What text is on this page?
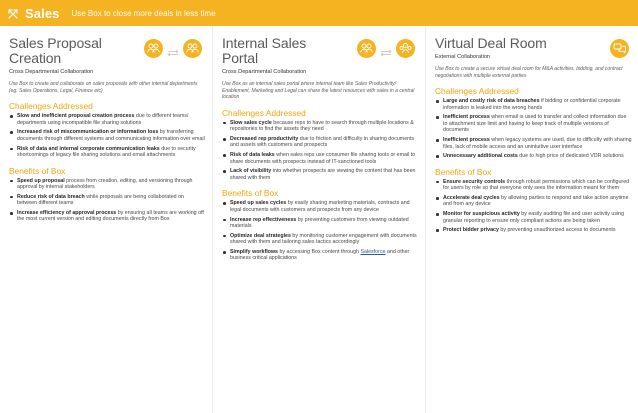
Sales Use Box to close more deals in less time
Sales Proposal
Creation
Cross Departmental Collaboration
Use Box to create and collaborate on sales proposals with other internal departments (eg. Sales Operations, Legal, Finance etc)
Challenges Addressed
Slow and inefficient proposal creation process due to different teams/ departments using incompatible file sharing solutions
Increased risk of miscommunication or information loss by transferring documents through different systems and communicating information over email
Risk of data and internal corporate communication leaks due to security shortcomings of legacy file sharing solutions and email attachments
Benefits of Box
Speed up proposal process from creation, editing, and versioning through approval by internal stakeholders
Reduce risk of data breach while proposals are being collaborated on between different teams
Increase efficiency of approval process by ensuring all teams are working off the most current version and editing documents directly from Box
Internal Sales
Portal
Cross Departmental Collaboration
Use Box as an internal sales portal where internal team like Sales Productivity/ Enablement, Marketing and Legal can share the latest resources with sales in a central location
Challenges Addressed
Slow sales cycle because reps to have to search through multiple locations & repositories to find the assets they need
Decreased rep productivity due to friction and difficulty in sharing documents and assets with customers and prospects
Risk of data leaks when sales reps use consumer file sharing tools or email to share documents with prospects instead of IT-sanctioned tools
Lack of visibility into whether prospects are viewing the content that has been shared with them
Benefits of Box
Speed up sales cycles by easily sharing marketing materials, contracts and legal documents with customers and prospects from any device
Increase rep effectiveness by preventing customers from viewing outdated materials
Optimize deal strategies by monitoring customer engagement with documents shared with them and tailoring sales tactics accordingly
Simplify workflows by accessing Box content through Salesforce and other business critical applications
Virtual Deal Room
External Collaboration
Use Box to create a secure virtual deal room for M&A activities, bidding, and contract negotiations with multiple external parties
Challenges Addressed
Large and costly risk of data breaches if bidding or confidential corporate information is leaked into the wrong hands
Inefficient process when email is used to transfer and collect information due to attachment size limit and having to keep track of multiple versions of documents
Inefficient process when legacy systems are used, due to difficulty with sharing files, lack of mobile access and an unintuitive user interface
Unnecessary additional costs due to high price of dedicated VDR solutions
Benefits of Box
Ensure security controls through robust permissions which can be configured for users by role so that everyone only sees the information meant for them
Accelerate deal cycles by allowing parties to respond and take action anytime and from any device
Monitor for suspicious activity by easily auditing file and user activity using granular reporting to ensure only compliant actions are being taken
Protect bidder privacy by preventing unauthorized access to documents
